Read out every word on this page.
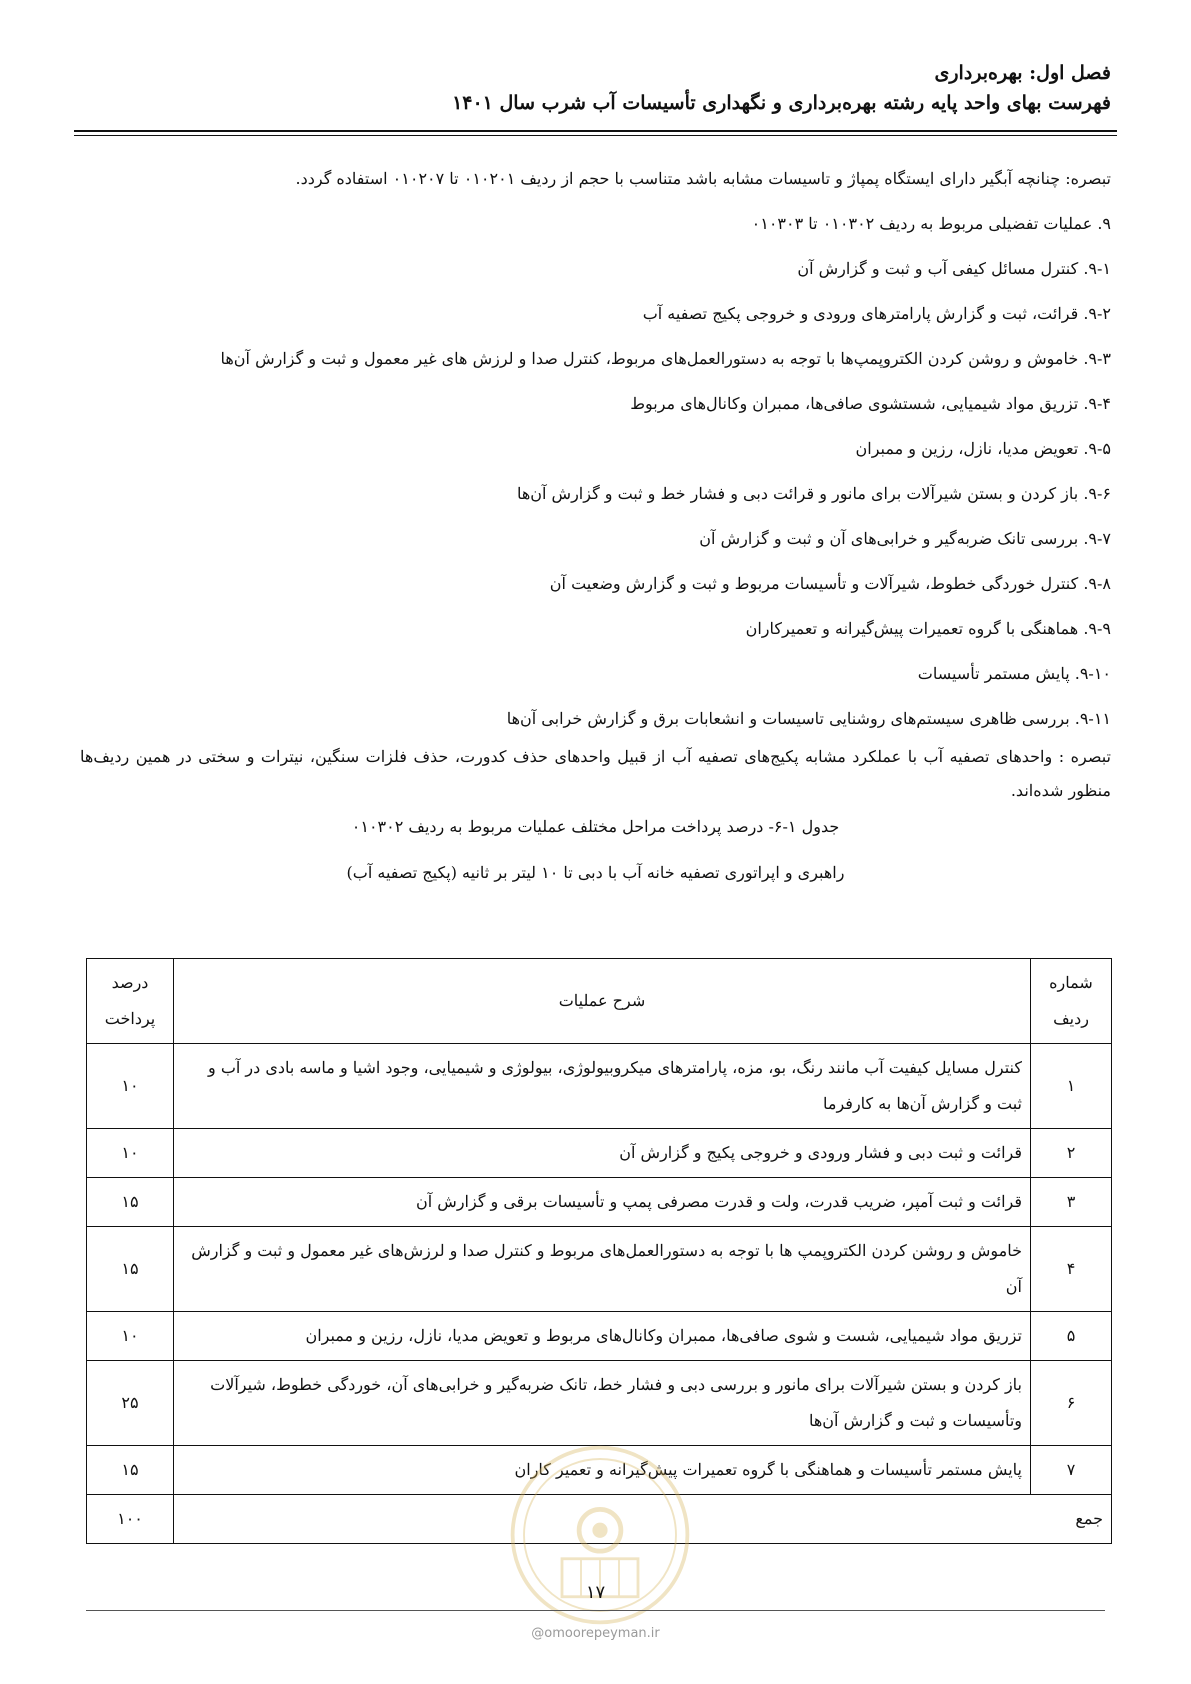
فصل اول: بهره‌برداری
فهرست بهای واحد پایه رشته بهره‌برداری و نگهداری تأسیسات آب شرب سال ۱۴۰۱
تبصره: چنانچه آبگیر دارای ایستگاه پمپاژ و تاسیسات مشابه باشد متناسب با حجم از ردیف ۰۱۰۲۰۱ تا ۰۱۰۲۰۷ استفاده گردد.
۹. عملیات تفضیلی مربوط به ردیف ۰۱۰۳۰۲ تا ۰۱۰۳۰۳
۹-۱. کنترل مسائل کیفی آب و ثبت و گزارش آن
۹-۲. قرائت، ثبت و گزارش پارامترهای ورودی و خروجی پکیج تصفیه آب
۹-۳. خاموش و روشن کردن الکتروپمپ‌ها با توجه به دستورالعمل‌های مربوط، کنترل صدا و لرزش های غیر معمول و ثبت و گزارش آن‌ها
۹-۴. تزریق مواد شیمیایی، شستشوی صافی‌ها، ممبران وکانال‌های مربوط
۹-۵. تعویض مدیا، نازل، رزین و ممبران
۹-۶. باز کردن و بستن شیرآلات برای مانور و قرائت دبی و فشار خط و ثبت و گزارش آن‌ها
۹-۷. بررسی تانک ضربه‌گیر و خرابی‌های آن و ثبت و گزارش آن
۹-۸. کنترل خوردگی خطوط، شیرآلات و تأسیسات مربوط و ثبت و گزارش وضعیت آن
۹-۹. هماهنگی با گروه تعمیرات پیش‌گیرانه و تعمیرکاران
۹-۱۰. پایش مستمر تأسیسات
۹-۱۱. بررسی ظاهری سیستم‌های روشنایی تاسیسات و انشعابات برق و گزارش خرابی آن‌ها
تبصره : واحدهای تصفیه آب با عملکرد مشابه پکیج‌های تصفیه آب از قبیل واحدهای حذف کدورت، حذف فلزات سنگین، نیترات و سختی در همین ردیف‌ها منظور شده‌اند.
جدول ۱-۶- درصد پرداخت مراحل مختلف عملیات مربوط به ردیف ۰۱۰۳۰۲
راهبری و اپراتوری تصفیه خانه آب با دبی تا ۱۰ لیتر بر ثانیه (پکیج تصفیه آب)
شماره ردیف	شرح عملیات	درصد پرداخت
۱	کنترل مسایل کیفیت آب مانند رنگ، بو، مزه، پارامترهای میکروبیولوژی، بیولوژی و شیمیایی، وجود اشیا و ماسه بادی در آب و ثبت و گزارش آن‌ها به کارفرما	۱۰
۲	قرائت و ثبت دبی و فشار ورودی و خروجی پکیج و گزارش آن	۱۰
۳	قرائت و ثبت آمپر، ضریب قدرت، ولت و قدرت مصرفی پمپ و تأسیسات برقی و گزارش آن	۱۵
۴	خاموش و روشن کردن الکتروپمپ ها با توجه به دستورالعمل‌های مربوط و کنترل صدا و لرزش‌های غیر معمول و ثبت و گزارش آن	۱۵
۵	تزریق مواد شیمیایی، شست و شوی صافی‌ها، ممبران وکانال‌های مربوط و تعویض مدیا، نازل، رزین و ممبران	۱۰
۶	باز کردن و بستن شیرآلات برای مانور و بررسی دبی و فشار خط، تانک ضربه‌گیر و خرابی‌های آن، خوردگی خطوط، شیرآلات وتأسیسات و ثبت و گزارش آن‌ها	۲۵
۷	پایش مستمر تأسیسات و هماهنگی با گروه تعمیرات پیش‌گیرانه و تعمیر کاران	۱۵
جمع		۱۰۰
۱۷
@omoorepeyman.ir
